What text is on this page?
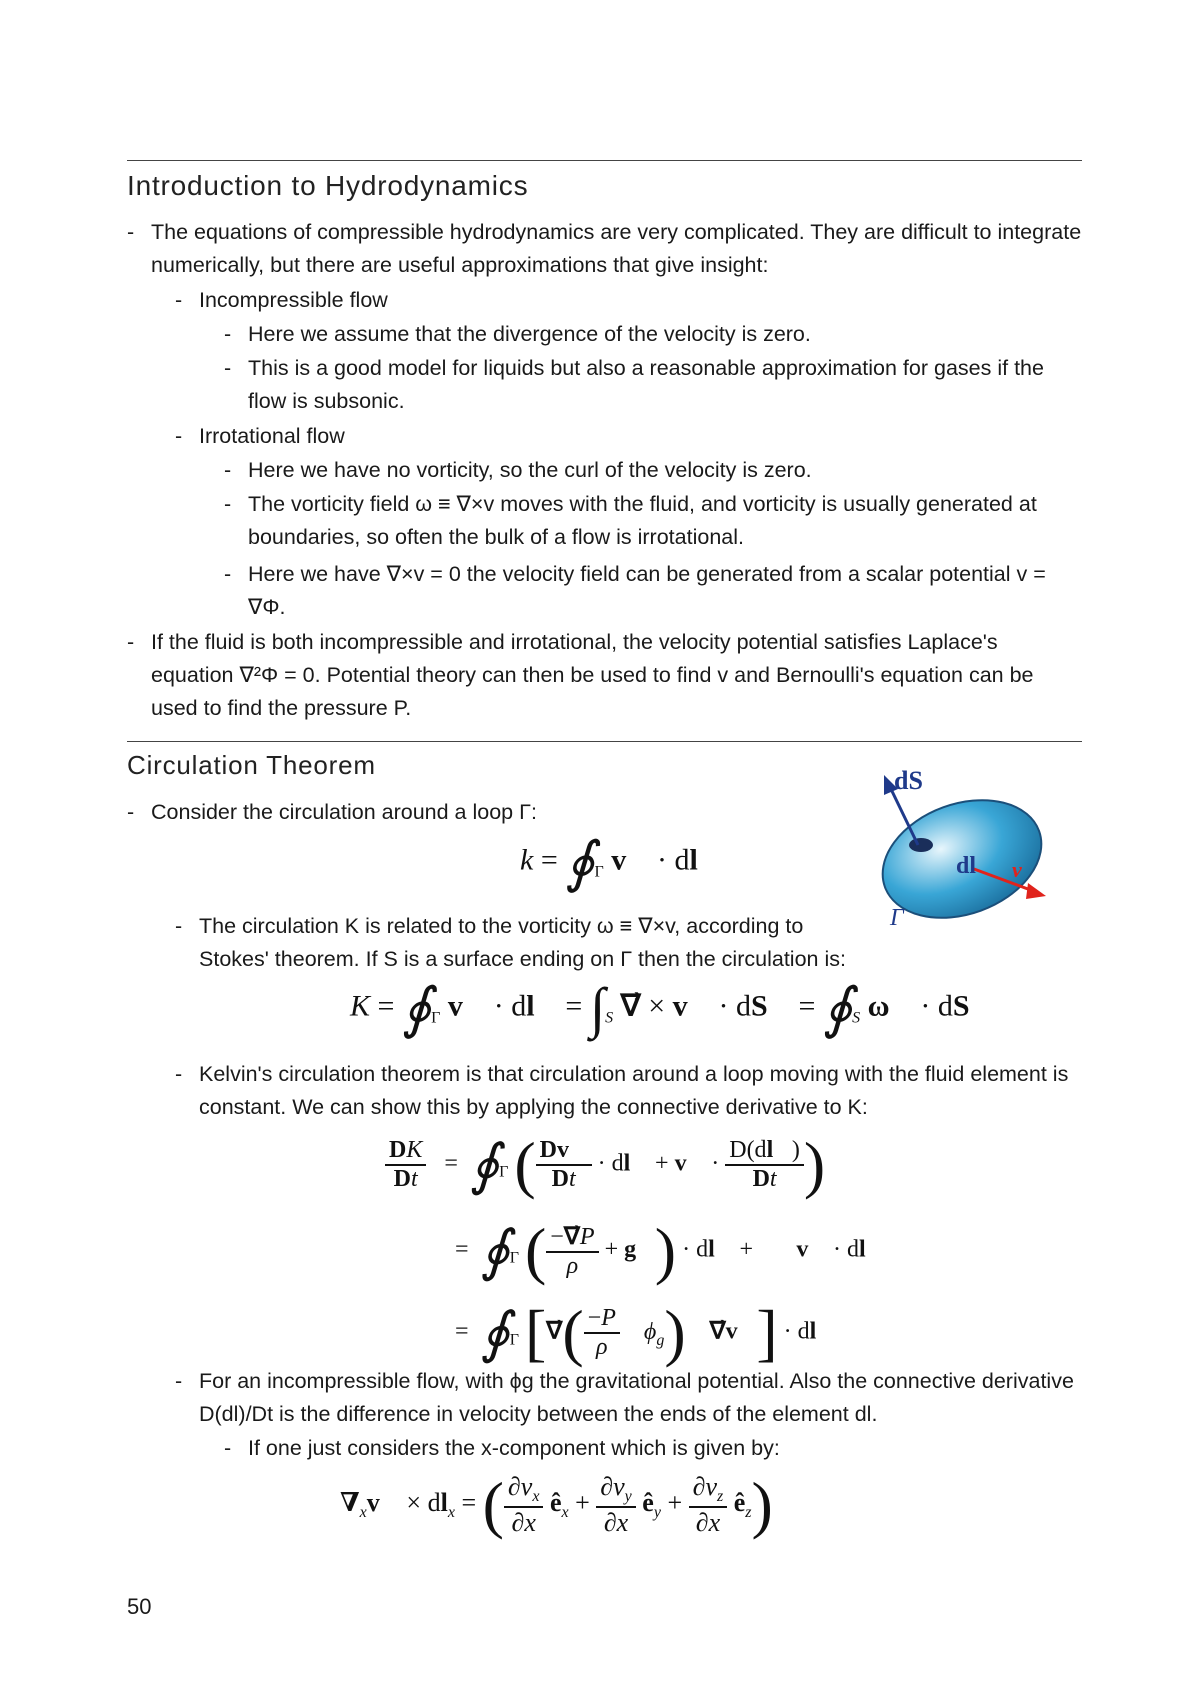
Introduction to Hydrodynamics

- The equations of compressible hydrodynamics are very complicated. They are difficult to integrate numerically, but there are useful approximations that give insight:

- Incompressible flow

- Here we assume that the divergence of the velocity is zero.

- This is a good model for liquids but also a reasonable approximation for gases if the flow is subsonic.

- Irrotational flow

- Here we have no vorticity, so the curl of the velocity is zero.

- The vorticity field ω ≡ ∇×v moves with the fluid, and vorticity is usually generated at boundaries, so often the bulk of a flow is irrotational.

- Here we have ∇×v = 0 the velocity field can be generated from a scalar potential v = ∇Φ.

- If the fluid is both incompressible and irrotational, the velocity potential satisfies Laplace's equation ∇²Φ = 0. Potential theory can then be used to find v and Bernoulli's equation can be used to find the pressure P.

Circulation Theorem

- Consider the circulation around a loop Γ:

$k = ∮_\Gamma$ v⃗ · dl⃗
dS
dl v
Γ

- The circulation K is related to the vorticity ω ≡ ∇×v, according to Stokes' theorem. If S is a surface ending on Γ then the circulation is:

$K = ∮_\Gamma$ v⃗ · dl⃗ = $\int_S$ ∇⃗ × v⃗ · dS⃗ = $∮_S$ ω⃗ · dS⃗

- Kelvin's circulation theorem is that circulation around a loop moving with the fluid element is constant. We can show this by applying the connective derivative to K:

$\frac{DK}{Dt}$ =  $∮_\Gamma$ ( $\frac{Dv⃗}{Dt}$ · dl⃗ + v⃗ · $\frac{D(dl⃗)}{Dt}$ )
=  $∮_\Gamma$ ( $\frac{-\nabla⃗P}{\rho}$ + g⃗) · dl⃗ + ∇⃗v⃗ · dl
=  $∮_\Gamma$ [∇⃗( $\frac{-P}{\rho} \phi_g$) ∇⃗v⃗] · dl⃗

- For an incompressible flow, with ϕg the gravitational potential. Also the connective derivative D(dl)/Dt is the difference in velocity between the ends of the element dl.

- If one just considers the x-component which is given by:

$\nabla_xv⃗ \times dl_x$ = ( $\frac{\partial v_x}{\partial x}$ $ê_x + \frac{\partial v_y}{\partial x}$ $ê_y + \frac{\partial v_z}{\partial x}$ $ê_z$)
50
